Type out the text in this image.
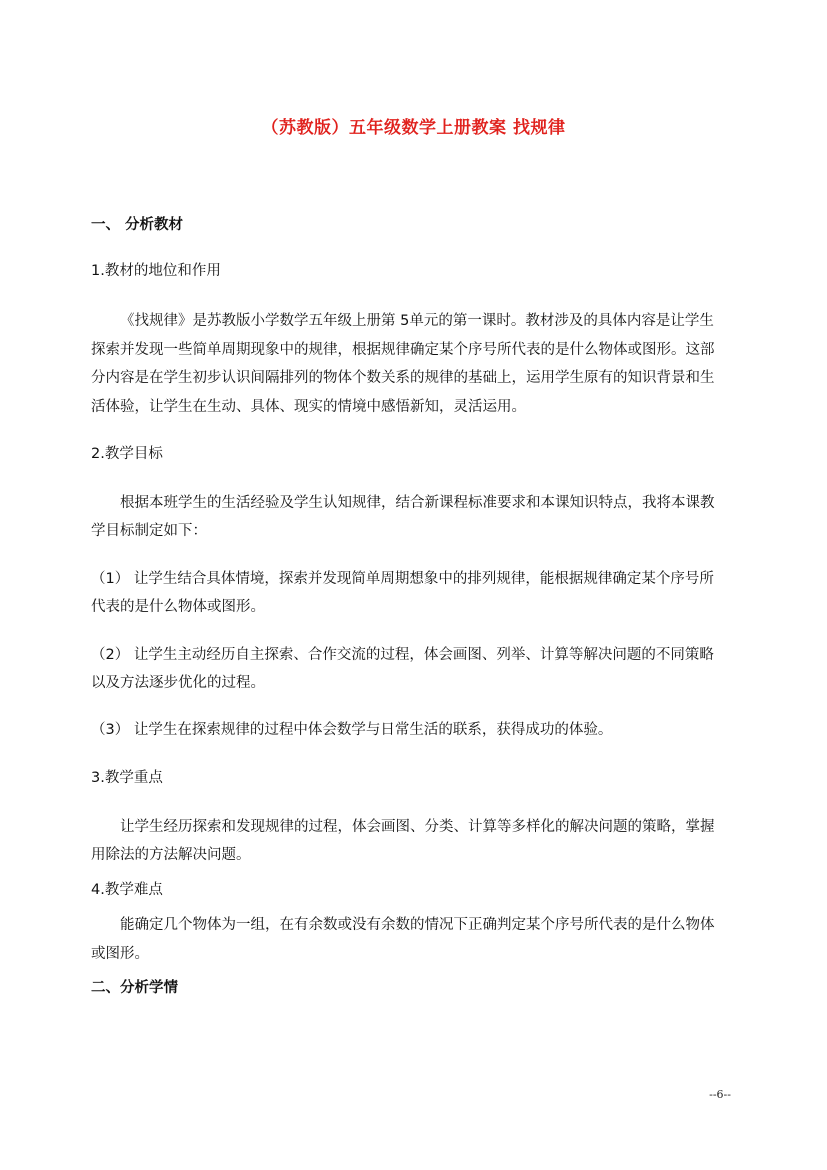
（苏教版）五年级数学上册教案 找规律
一、 分析教材
1.教材的地位和作用
《找规律》是苏教版小学数学五年级上册第 5单元的第一课时。教材涉及的具体内容是让学生
探索并发现一些简单周期现象中的规律，根据规律确定某个序号所代表的是什么物体或图形。这部
分内容是在学生初步认识间隔排列的物体个数关系的规律的基础上，运用学生原有的知识背景和生
活体验，让学生在生动、具体、现实的情境中感悟新知，灵活运用。
2.教学目标
根据本班学生的生活经验及学生认知规律，结合新课程标准要求和本课知识特点，我将本课教
学目标制定如下：
（1） 让学生结合具体情境，探索并发现简单周期想象中的排列规律，能根据规律确定某个序号所
代表的是什么物体或图形。
（2） 让学生主动经历自主探索、合作交流的过程，体会画图、列举、计算等解决问题的不同策略
以及方法逐步优化的过程。
（3） 让学生在探索规律的过程中体会数学与日常生活的联系，获得成功的体验。
3.教学重点
让学生经历探索和发现规律的过程，体会画图、分类、计算等多样化的解决问题的策略，掌握
用除法的方法解决问题。
4.教学难点
能确定几个物体为一组，在有余数或没有余数的情况下正确判定某个序号所代表的是什么物体
或图形。
二、分析学情
--6--
